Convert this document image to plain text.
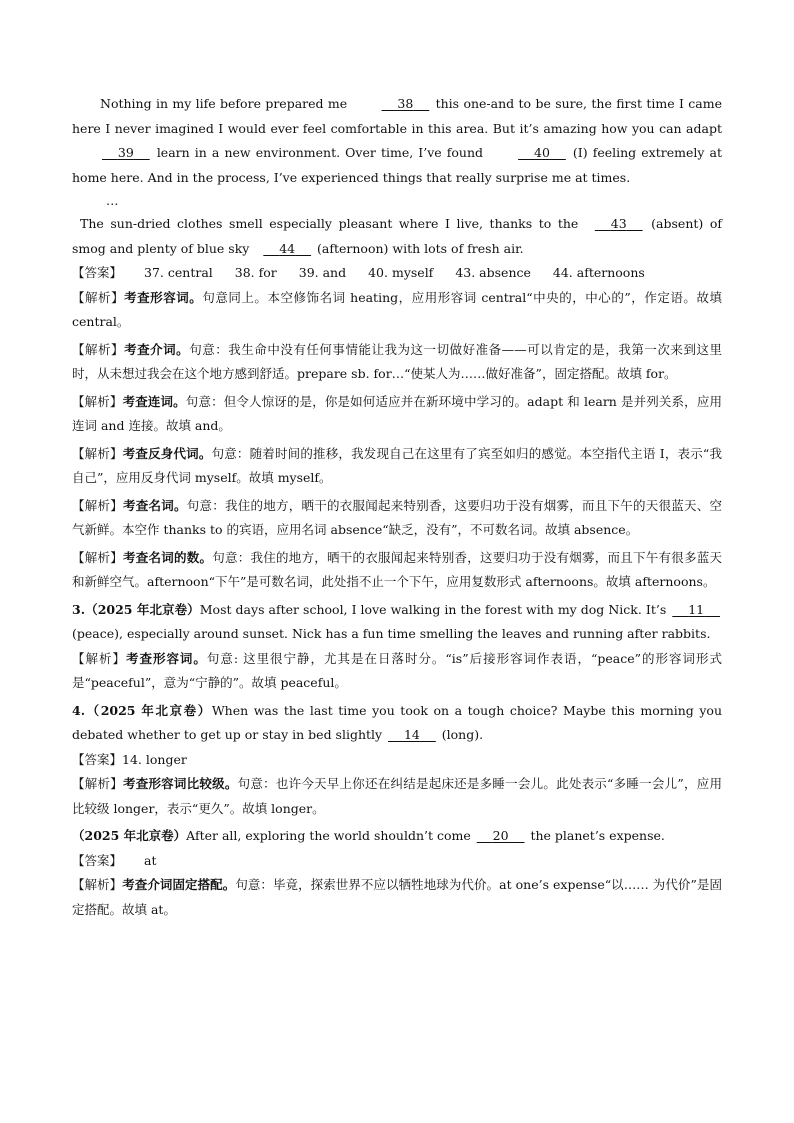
Nothing in my life before prepared me	38     this one-and to be sure, the first time I came here I never imagined I would ever feel comfortable in this area. But it’s amazing how you can adapt     39     learn in a new environment. Over time, I’ve found	40     (I) feeling extremely at home here. And in the process, I’ve experienced things that really surprise me at times.

…

The sun-dried clothes smell especially pleasant where I live, thanks to the     43     (absent) of smog and plenty of blue sky     44     (afternoon) with lots of fresh air.

【答案】 37. central 38. for 39. and 40. myself 43. absence 44. afternoons

【解析】考查形容词。句意同上。本空修饰名词 heating，应用形容词 central“中央的，中心的”，作定语。故填 central。

【解析】考查介词。句意：我生命中没有任何事情能让我为这一切做好准备——可以肯定的是，我第一次来到这里时，从未想过我会在这个地方感到舒适。prepare sb. for…“使某人为……做好准备”，固定搭配。故填 for。

【解析】考查连词。句意：但令人惊讶的是，你是如何适应并在新环境中学习的。adapt 和 learn 是并列关系，应用连词 and 连接。故填 and。

【解析】考查反身代词。句意：随着时间的推移，我发现自己在这里有了宾至如归的感觉。本空指代主语 I，表示“我自己”，应用反身代词 myself。故填 myself。

【解析】考查名词。句意：我住的地方，晒干的衣服闻起来特别香，这要归功于没有烟雾，而且下午的天很蓝天、空气新鲜。本空作 thanks to 的宾语，应用名词 absence“缺乏，没有”，不可数名词。故填 absence。

【解析】考查名词的数。句意：我住的地方，晒干的衣服闻起来特别香，这要归功于没有烟雾，而且下午有很多蓝天和新鲜空气。afternoon“下午”是可数名词，此处指不止一个下午，应用复数形式 afternoons。故填 afternoons。

3.（2025 年北京卷）Most days after school, I love walking in the forest with my dog Nick. It’s     11     (peace), especially around sunset. Nick has a fun time smelling the leaves and running after rabbits.

【解析】考查形容词。句意: 这里很宁静，尤其是在日落时分。“is”后接形容词作表语，“peace”的形容词形式是“peaceful”，意为“宁静的”。故填 peaceful。

4.（2025 年北京卷）When was the last time you took on a tough choice? Maybe this morning you debated whether to get up or stay in bed slightly     14     (long).

【答案】14. longer

【解析】考查形容词比较级。句意：也许今天早上你还在纠结是起床还是多睡一会儿。此处表示“多睡一会儿”，应用比较级 longer，表示“更久”。故填 longer。

（2025 年北京卷）After all, exploring the world shouldn’t come     20     the planet’s expense.

【答案】 at

【解析】考查介词固定搭配。句意：毕竟，探索世界不应以牺牲地球为代价。at one’s expense“以…… 为代价”是固定搭配。故填 at。
